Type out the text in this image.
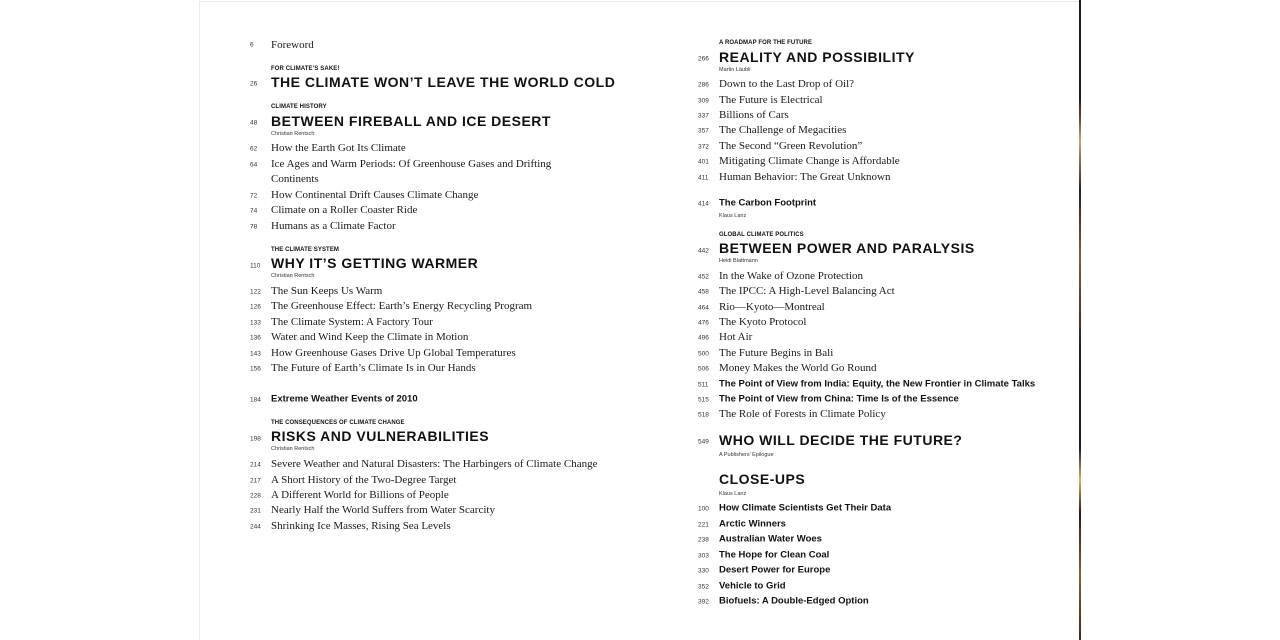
6 Foreword
FOR CLIMATE’S SAKE!
26 THE CLIMATE WON’T LEAVE THE WORLD COLD
CLIMATE HISTORY
48 BETWEEN FIREBALL AND ICE DESERT
Christian Rentsch
62 How the Earth Got Its Climate
64 Ice Ages and Warm Periods: Of Greenhouse Gases and Drifting
Continents
72 How Continental Drift Causes Climate Change
74 Climate on a Roller Coaster Ride
78 Humans as a Climate Factor
THE CLIMATE SYSTEM
110 WHY IT’S GETTING WARMER
Christian Rentsch
122 The Sun Keeps Us Warm
126 The Greenhouse Effect: Earth’s Energy Recycling Program
133 The Climate System: A Factory Tour
136 Water and Wind Keep the Climate in Motion
143 How Greenhouse Gases Drive Up Global Temperatures
156 The Future of Earth’s Climate Is in Our Hands
184 Extreme Weather Events of 2010
THE CONSEQUENCES OF CLIMATE CHANGE
198 RISKS AND VULNERABILITIES
Christian Rentsch
214 Severe Weather and Natural Disasters: The Harbingers of Climate Change
217 A Short History of the Two-Degree Target
228 A Different World for Billions of People
231 Nearly Half the World Suffers from Water Scarcity
244 Shrinking Ice Masses, Rising Sea Levels
A ROADMAP FOR THE FUTURE
266 REALITY AND POSSIBILITY
Martin Läubli
286 Down to the Last Drop of Oil?
309 The Future is Electrical
337 Billions of Cars
357 The Challenge of Megacities
372 The Second “Green Revolution”
401 Mitigating Climate Change is Affordable
411 Human Behavior: The Great Unknown
414 The Carbon Footprint
Klaus Lanz
GLOBAL CLIMATE POLITICS
442 BETWEEN POWER AND PARALYSIS
Heidi Blattmann
452 In the Wake of Ozone Protection
458 The IPCC: A High-Level Balancing Act
464 Rio—Kyoto—Montreal
476 The Kyoto Protocol
496 Hot Air
500 The Future Begins in Bali
506 Money Makes the World Go Round
511 The Point of View from India: Equity, the New Frontier in Climate Talks
515 The Point of View from China: Time Is of the Essence
518 The Role of Forests in Climate Policy
549 WHO WILL DECIDE THE FUTURE?
A Publishers’ Epilogue
CLOSE-UPS
Klaus Lanz
100 How Climate Scientists Get Their Data
221 Arctic Winners
238 Australian Water Woes
303 The Hope for Clean Coal
330 Desert Power for Europe
352 Vehicle to Grid
392 Biofuels: A Double-Edged Option
